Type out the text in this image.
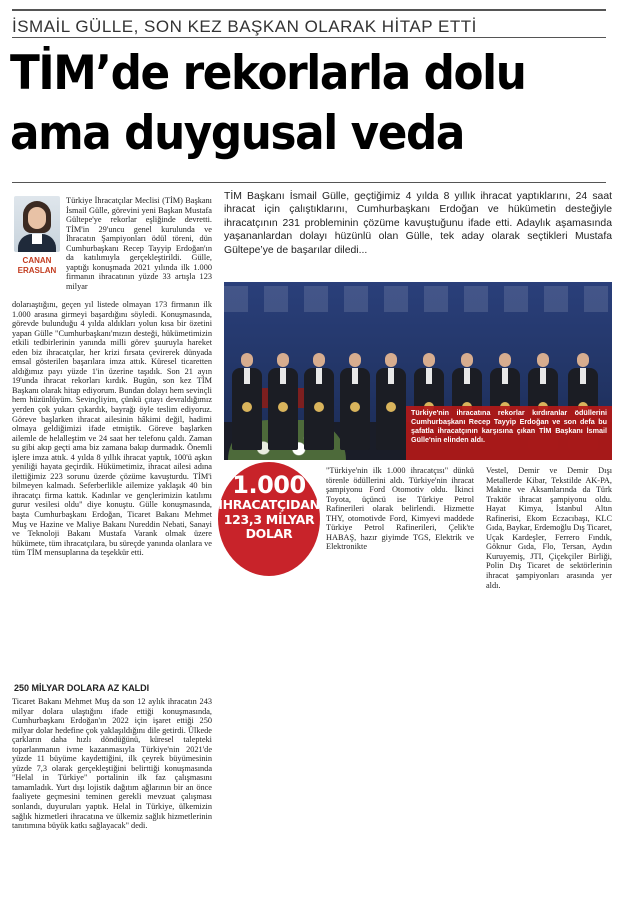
İSMAİL GÜLLE, SON KEZ BAŞKAN OLARAK HİTAP ETTİ
TİM’de rekorlarla dolu
ama duygusal veda
CANAN
ERASLAN
Türkiye İhracatçılar Meclisi (TİM) Başkanı İsmail Gülle, görevini yeni Başkan Mustafa Gültepe'ye rekorlar eşliğinde devretti. TİM'in 29'uncu genel kurulunda ve İhracatın Şampiyonları ödül töreni, dün Cumhurbaşkanı Recep Tayyip Erdoğan'ın da katılımıyla gerçekleştirildi. Gülle, yaptığı konuşmada 2021 yılında ilk 1.000 firmanın ihracatının yüzde 33 artışla 123 milyar
dolarıaştığını, geçen yıl listede olmayan 173 firmanın ilk 1.000 arasına girmeyi başardığını söyledi. Konuşmasında, görevde bulunduğu 4 yılda aldıkları yolun kısa bir özetini yapan Gülle "Cumhurbaşkanı'mızın desteği, hükümetimizin etkili tedbirlerinin yanında milli görev şuuruyla hareket eden biz ihracatçılar, her krizi fırsata çevirerek dünyada emsal gösterilen başarılara imza attık. Küresel ticaretten aldığımız payı yüzde 1'in üzerine taşıdık. Son 21 ayın 19'unda ihracat rekorları kırdık. Bugün, son kez TİM Başkanı olarak hitap ediyorum. Bundan dolayı hem sevinçli hem hüzünlüyüm. Sevinçliyim, çünkü çıtayı devraldığımız yerden çok yukarı çıkardık, bayrağı öyle teslim ediyoruz. Göreve başlarken ihracat ailesinin hâkimi değil, hadimi olmaya geldiğimizi ifade etmiştik. Göreve başlarken ailemle de helalleştim ve 24 saat her telefonu çaldı. Zaman su gibi akıp geçti ama biz zamana bakıp durmadık. Önemli işlere imza attık. 4 yılda 8 yıllık ihracat yaptık, 100'ü aşkın yeniliği hayata geçirdik. Hükümetimiz, ihracat ailesi adına ilettiğimiz 223 sorunu üzerde çözüme kavuşturdu. TİM'i bilmeyen kalmadı. Seferberlikle ailemize yaklaşık 40 bin ihracatçı firma kattık. Kadınlar ve gençlerimizin katılımı gurur vesilesi oldu" diye konuştu. Gülle konuşmasında, başta Cumhurbaşkanı Erdoğan, Ticaret Bakanı Mehmet Muş ve Hazine ve Maliye Bakanı Nureddin Nebati, Sanayi ve Teknoloji Bakanı Mustafa Varank olmak üzere hükümete, tüm ihracatçılara, bu süreçde yanında olanlara ve tüm TİM mensuplarına da teşekkür etti.
250 MİLYAR DOLARA AZ KALDI
Ticaret Bakanı Mehmet Muş da son 12 aylık ihracatın 243 milyar dolara ulaştığını ifade ettiği konuşmasında, Cumhurbaşkanı Erdoğan'ın 2022 için işaret ettiği 250 milyar dolar hedefine çok yaklaşıldığını dile getirdi. Ülkede çarkların daha hızlı döndüğünü, küresel talepteki toparlanmanın ivme kazanmasıyla Türkiye'nin 2021'de yüzde 11 büyüme kaydettiğini, ilk çeyrek büyümesinin yüzde 7,3 olarak gerçekleştiğini belirttiği konuşmasında "Helal in Türkiye" portalinin ilk faz çalışmasını tamamladık. Yurt dışı lojistik dağıtım ağlarının bir an önce faaliyete geçmesini teminen gerekli mevzuat çalışması sonlandı, duyuruları yaptık. Helal in Türkiye, ülkemizin sağlık hizmetleri ihracatına ve ülkemiz sağlık hizmetlerinin tanıtımına büyük katkı sağlayacak" dedi.
TİM Başkanı İsmail Gülle, geçtiğimiz 4 yılda 8 yıllık ihracat yaptıklarını, 24 saat ihracat için çalıştıklarını, Cumhurbaşkanı Erdoğan ve hükümetin desteğiyle ihracatçının 231 probleminin çözüme kavuştuğunu ifade etti. Adaylık aşamasında yaşananlardan dolayı hüzünlü olan Gülle, tek aday olarak seçtikleri Mustafa Gültepe’ye de başarılar diledi...
Türkiye'nin ihracatına rekorlar kırdıranlar ödüllerini Cumhurbaşkanı Recep Tayyip Erdoğan ve son defa bu şafatla ihracatçının karşısına çıkan TİM Başkanı İsmail Gülle'nin elinden aldı.
1.000
İHRACATÇIDAN
123,3 MİLYAR
DOLAR
"Türkiye'nin ilk 1.000 ihracatçısı" dünkü törenle ödüllerini aldı. Türkiye'nin ihracat şampiyonu Ford Otomotiv oldu. İkinci Toyota, üçüncü ise Türkiye Petrol Rafinerileri olarak belirlendi. Hizmette THY, otomotivde Ford, Kimyevi maddede Türkiye Petrol Rafinerileri, Çelik'te HABAŞ, hazır giyimde TGS, Elektrik ve Elektronikte
Vestel, Demir ve Demir Dışı Metallerde Kibar, Tekstilde AK-PA, Makine ve Aksamlarında da Türk Traktör ihracat şampiyonu oldu. Hayat Kimya, İstanbul Altın Rafinerisi, Ekom Eczacıbaşı, KLC Gıda, Baykar, Erdemoğlu Dış Ticaret, Uçak Kardeşler, Ferrero Fındık, Göknur Gıda, Flo, Tersan, Aydın Kuruyemiş, JTI, Çiçekçiler Birliği, Polin Dış Ticaret de sektörlerinin ihracat şampiyonları arasında yer aldı.
